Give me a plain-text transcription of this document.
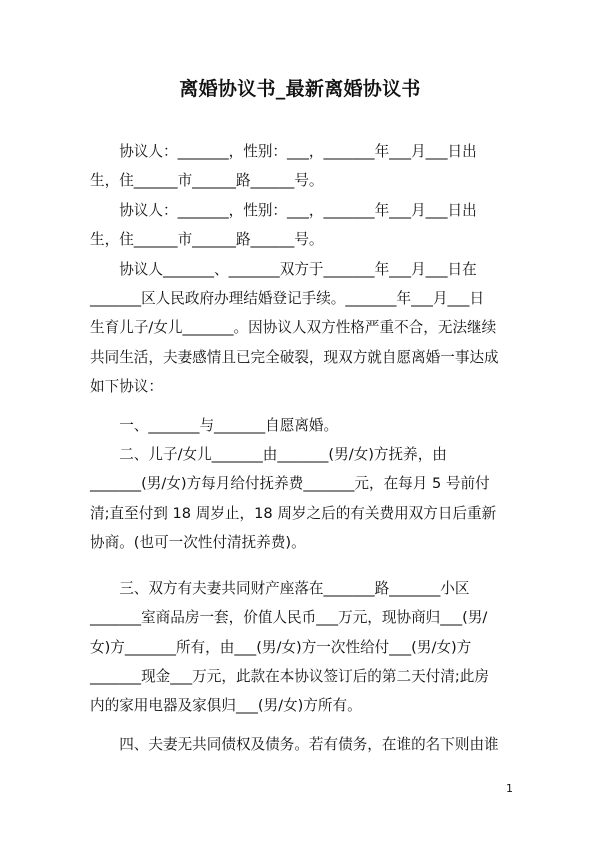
离婚协议书_最新离婚协议书

协议人：_______，性别：___，_______年___月___日出
生，住______市______路______号。

协议人：_______，性别：___，_______年___月___日出
生，住______市______路______号。

协议人_______、_______双方于_______年___月___日在
_______区人民政府办理结婚登记手续。_______年___月___日
生育儿子/女儿_______。因协议人双方性格严重不合，无法继续
共同生活，夫妻感情且已完全破裂，现双方就自愿离婚一事达成
如下协议：

一、_______与_______自愿离婚。

二、儿子/女儿_______由_______(男/女)方抚养，由
_______(男/女)方每月给付抚养费_______元，在每月 5 号前付
清;直至付到 18 周岁止，18 周岁之后的有关费用双方日后重新
协商。(也可一次性付清抚养费)。

三、双方有夫妻共同财产座落在_______路_______小区
_______室商品房一套，价值人民币___万元，现协商归___(男/
女)方_______所有，由___(男/女)方一次性给付___(男/女)方
_______现金___万元，此款在本协议签订后的第二天付清;此房
内的家用电器及家俱归___(男/女)方所有。

四、夫妻无共同债权及债务。若有债务，在谁的名下则由谁

1
